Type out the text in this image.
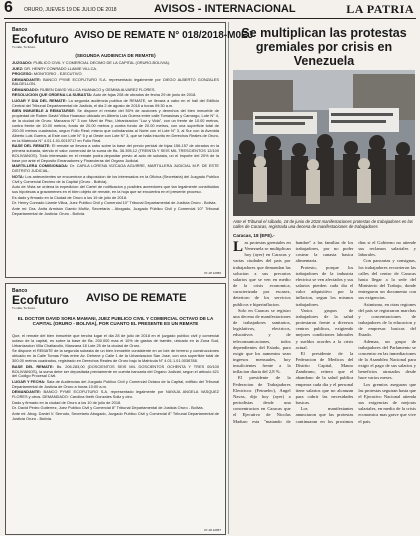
6 ORURO, JUEVES 19 DE JULIO DE 2018	AVISOS - INTERNACIONAL	LA PATRIA
Banco
Ecofuturo
Tu vida, Tu futuro
AVISO DE REMATE N° 018/2018-M0EJ
(SEGUNDA AUDIENCIA DE REMATE)

JUZGADO: PUBLICO CIVIL Y COMERCIAL DECIMO DE LA CAPITAL (ORURO-BOLIVIA).

JUEZ: DR. HENRY CONRADO LLAMIE VILLCA.

PROCESO: MONITORIO - EJECUTIVO.

DEMANDANTE: BANCO PYME ECOFUTURO S.A. representado legalmente por DIEGO ALBERTO GONZALES BALDELLON.

DEMANDADO: RUBEN DAVID VILLCA HUANACO y GEMMA ALVAREZ FLORES.

RESOLUCION QUE ORDENA LA SUBASTA: Auto de fojas 208 de obrados de fecha 29 de junio de 2018.

LUGAR Y DIA DEL REMATE: La segunda audiencia publica de REMATE, se llevara a cabo en el hall del Edificio Central del Tribunal Departamental de Justicia, el dia 2 de agosto de 2018 a horas 09:30 a.m.

BIEN INMUEBLE A REMATARSE: Se dispone el remate del 50% de acciones y derechos del bien inmueble de propiedad de Ruben David Villca Huanaco ubicado en Alberto Luis Guerra entre calle Tomasinas y Camargo, Lote N° 4, de la ciudad de Oruro. Manzano N° 3 con Nivel de Piso, Urbanizacion "Luz y Vida", con un frente de 10.00 metros, contra frente de 10.00 metros, fondo de 20.00 metros y contra fondo de 20.00 metros, con una superficie total de 200.00 metros cuadrados, segun Folio Real; mismo que colindancias al Norte con el Lote N° 3, al Sur con la Avenida Alberto Luis Guerra, al Este con Lote N° 5 y al Oeste con Lote N° 3, que se halla inscrito en Derechos Reales de Oruro, en la Matricula N° 4.01.1.01.0019717 en Folio Real.

BASE DEL REMATE: El remate se llevara a cabo sobre la base del precio pericial de fojas 156-157 de obrados en la primera subasta, siendo el valor comercial de la suma de Bs. 36.395,12 (TREINTA Y SEIS MIL TRESCIENTOS 12/100 BOLIVIANOS). Todo interesado en el remate podra depositar previo al acto de subasta, un el importe del 20% de la base por ante el Deposito Emanadores y Financieras del Organo Judicial.

MARTILLERA COMISIONADA: Dr. CARLA LORENA VIZCAGA AGUIRRE, MARTILLERA JUDICIAL M.P. DE ESTE DISTRITO JUDICIAL.

NOTA: Los antecedentes se encuentran a disposicion de los interesados en la Oficina (Secretaria) del Juzgado Publico Civil y Comercial Decimo de la Capital (Oruro - Bolivia).

Auto de Vista se ordena la expedicion del Cartel de notificacion y posibles acreedores que tan legalmente constituidos sus hipotecas a gravamenes en el bien objeto de remate, en la hoja que se encuentra en el presente proceso.

Es dado y firmado en la Ciudad de Oruro a los 19 de julio de 2018.

Dr. Henry Conrado Llamie Villca, Juez Publico Civil y Comercial 10° Tribunal Departamental de Justicia Oruro - Bolivia.

Ante mi: Dra. Anita Armisón Gamio Muñiz, Secretaria - Abogado, Juzgado Público Civil y Comercial 10° Tribunal Departamental de Justicia: Oruro - Bolivia.

07-18 12956
Banco
Ecofuturo
Tu vida, Tu futuro
AVISO DE REMATE
EL DOCTOR DAVID SORIA MAMANI, JUEZ PUBLICO CIVIL Y COMERCIAL OCTAVO DE LA CAPITAL (ORURO - BOLIVIA), POR CUANTO EL PRESENTE ES UN REMATE

Que, el remate del bien inmueble que tendra lugar el dia 28 de julio de 2018 en el juzgado publico civil y comercial octavo de la capital, es sobre la base de Bs. 200.000 mas el 10% de gastos de tramite, ubicado en la Zona Sud, Urbanizacion Villa Challacollo, Manzana 18 Lote 25 de la ciudad de Oruro.

Se dispone el REMATE de la segunda subasta de un bien inmueble consistente en un lote de terreno y construcciones ubicado en la Calle Tomas Frias entre Av. Dehene y Calle 1 de la Urbanizacion San Jose, con una superficie total de 300.00 metros cuadrados, registrado en Derechos Reales de Oruro bajo la Matricula N° 4.01.1.01.0036788.

BASE DEL REMATE: Bs. 206.283,00 (DOSCIENTOS SEIS MIL DOSCIENTOS OCHENTA Y TRES 00/100 BOLIVIANOS), la suma debe ser depositada previamente en cuenta bancaria del Organo Judicial, segun el articulo 421 del Codigo Procesal Civil.

LUGAR Y FECHA: Sala de Audiencias del Juzgado Publico Civil y Comercial Octavo de la Capital, edificio del Tribunal Departamental de Justicia de Oruro a horas 10:00 a.m.

DEMANDANTE: BANCO PYME ECOFUTURO S.A. representado legalmente por NAYAJA ANGELA VASQUEZ FLORES y otros. DEMANDADO: Carolina Ibeth Gonzales Soliz y otro.

Dado y firmado en la ciudad de Oruro a los 10 de julio de 2018.

Dr. David Pedro Gutierrez, Juez Publico Civil y Comercial 8° Tribunal Departamental de Justicia Oruro - Bolivia.

Ante mi: Abog. Daniel V. Serrudo, Secretario Abogado, Juzgado Publico Civil y Comercial 8° Tribunal Departamental de Justicia Oruro - Bolivia.

07-18 12957
Se multiplican las protestas gremiales por crisis en Venezuela
Ante el Tribunal el sábado, 18 de junio de 2018 manifestaciones protestas de trabajadores en las calles de Caracas, registrada una decena de manifestaciones de trabajadores
Caracas, 18 (EFE).-

Las protestas gremiales en Venezuela se multiplican hoy (ayer) en Caracas y varias ciudades del pais por trabajadores que demandan las solucion a sus precarios salarios que se ven en medio de la crisis economica, caracterizada por escasez, deterioro de los servicios publicos e hiperinflacion.

Solo en Caracas se registro una decena de manifestaciones de trabajadores sanitarios, legislativos, electricos, educativos y de telecomunicaciones, todos dependientes del Estado, para exigir que los aumentos sean ingresos mensuales, hoy insuficientes frente a la inflacion diaria del 2,8 %.

El presidente de la Federacion de Trabajadores Electricos (Fetraelec), Angel Navas, dijo hoy (ayer) a periodistas desde una concentracion en Caracas que el Ejecutivo de Nicolas Maduro esta "matando de hambre" a las familias de los trabajadores, por no poder costear la canasta basica alimentaria.

Protesto, porque los trabajadores de la industria electrica se ven afectados y sus salarios pierden cada dia el valor adquisitivo por la inflacion, segun los mismos trabajadores.

Varios grupos de trabajadores de la salud protestaron frente a diversos centros publicos, exigiendo mejores condiciones laborales y sueldos acordes a la crisis actual.

El presidente de la Federacion de Medicos del Distrito Capital, Mauro Zambrano, reitero que el abandono de la salud publica empeora cada dia y el personal tiene salarios que no alcanzan para cubrir las necesidades basicas.

Los manifestantes anunciaron que las protestas continuaran en los proximos dias si el Gobierno no atiende sus reclamos salariales y laborales.

Con pancartas y consignas, los trabajadores recorrieron las calles del centro de Caracas hasta llegar a la sede del Ministerio del Trabajo, donde entregaron un documento con sus exigencias.

Asimismo, en otras regiones del pais se registraron marchas y concentraciones de trabajadores de la educacion y de empresas basicas del Estado.

Ademas, un grupo de trabajadores del Parlamento se concentro en las inmediaciones de la Asamblea Nacional para exigir el pago de sus salarios y beneficios atrasados desde hace varios meses.

Los gremios aseguran que las protestas seguiran hasta que el Ejecutivo Nacional atienda sus exigencias de mejoras salariales, en medio de la crisis economica mas grave que vive el pais.
